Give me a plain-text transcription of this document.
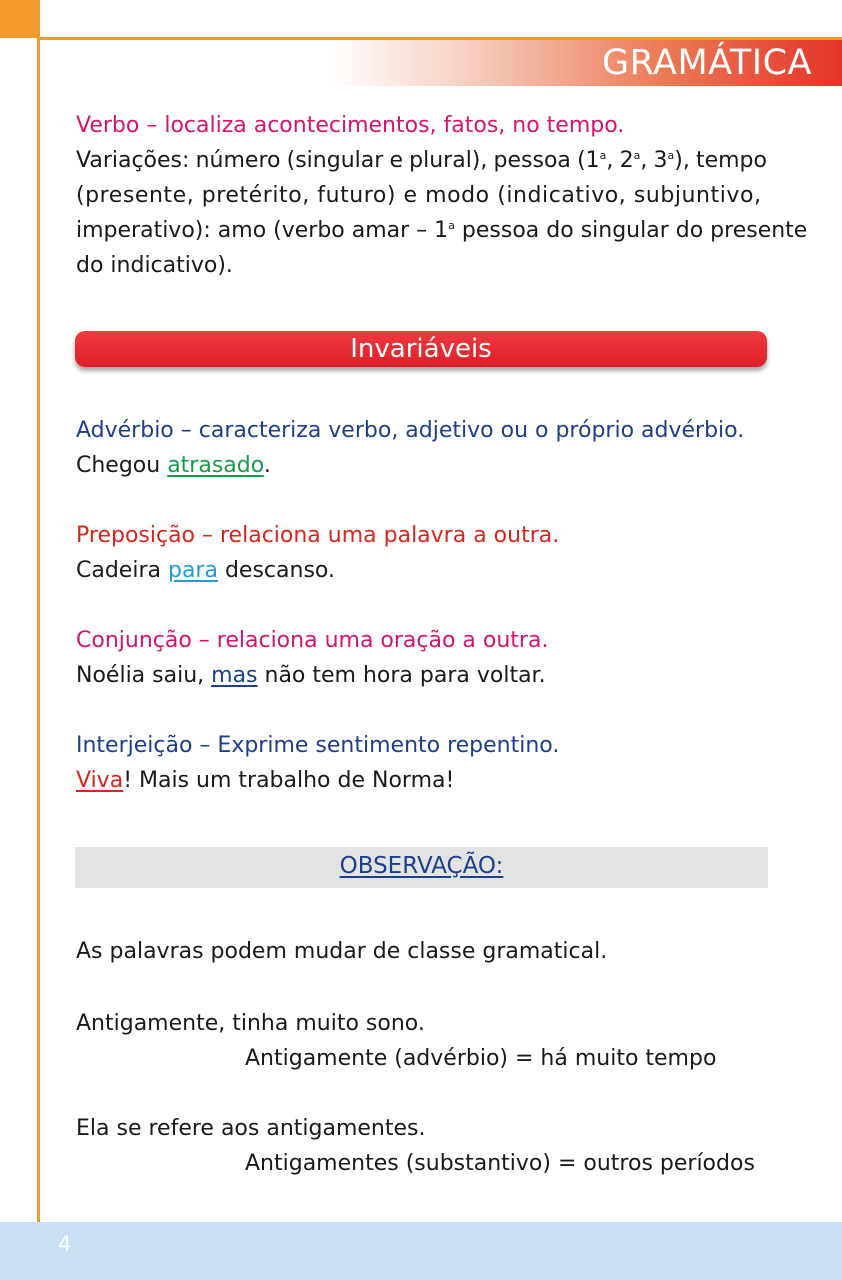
GRAMÁTICA
Verbo – localiza acontecimentos, fatos, no tempo.
Variações: número (singular e plural), pessoa (1$^a$, 2$^a$, 3$^a$), tempo
(presente, pretérito, futuro) e modo (indicativo, subjuntivo,
imperativo): amo (verbo amar – 1$^a$ pessoa do singular do presente
do indicativo).
Invariáveis
Advérbio – caracteriza verbo, adjetivo ou o próprio advérbio.
Chegou atrasado.
Preposição – relaciona uma palavra a outra.
Cadeira para descanso.
Conjunção – relaciona uma oração a outra.
Noélia saiu, mas não tem hora para voltar.
Interjeição – Exprime sentimento repentino.
Viva! Mais um trabalho de Norma!
OBSERVAÇÃO:
As palavras podem mudar de classe gramatical.
Antigamente, tinha muito sono.
Antigamente (advérbio) = há muito tempo
Ela se refere aos antigamentes.
Antigamentes (substantivo) = outros períodos
4
